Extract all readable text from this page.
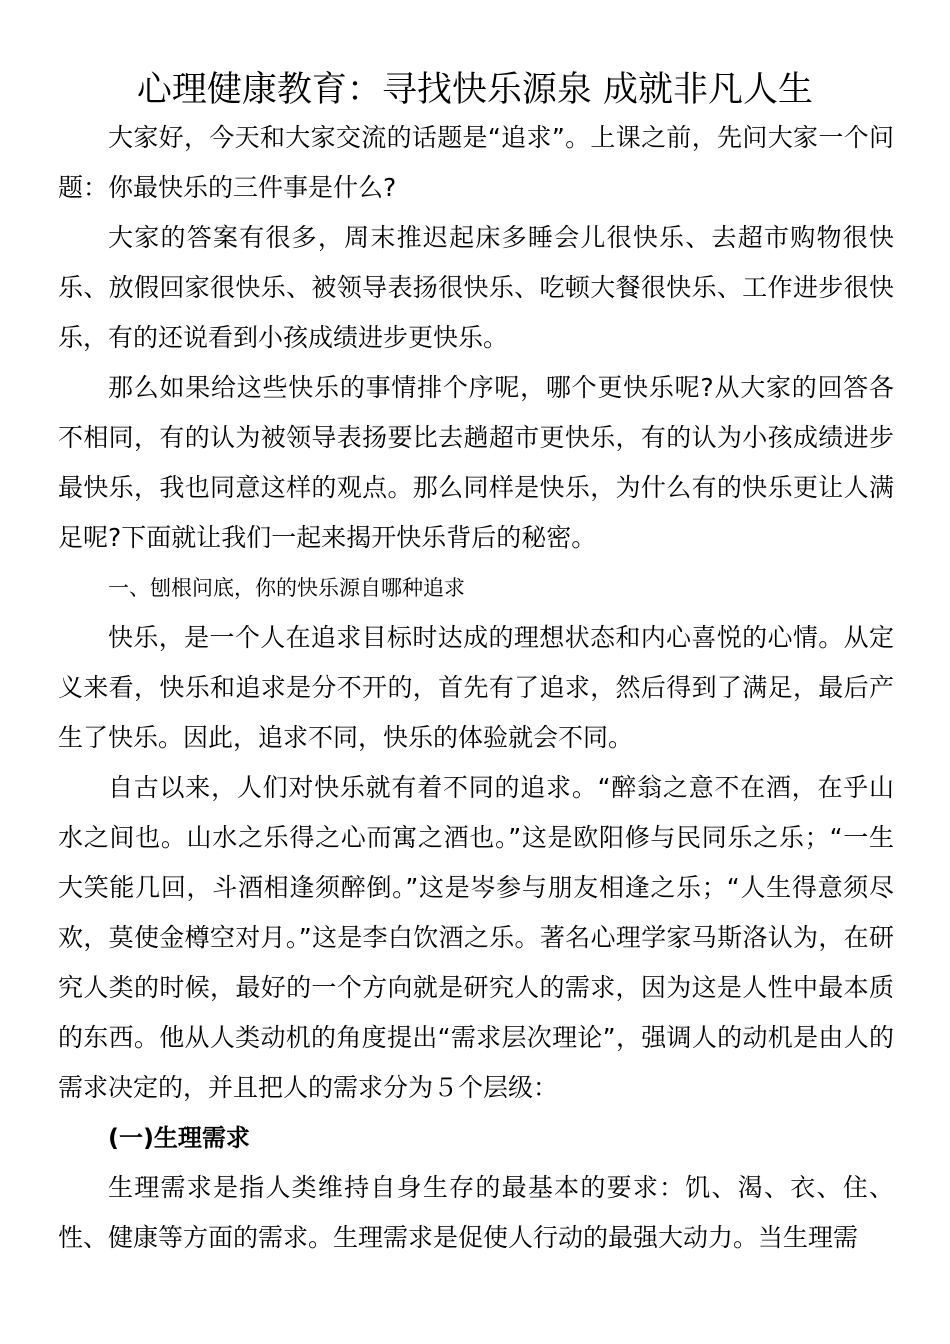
心理健康教育：寻找快乐源泉 成就非凡人生

大家好，今天和大家交流的话题是“追求”。上课之前，先问大家一个问题：你最快乐的三件事是什么?

大家的答案有很多，周末推迟起床多睡会儿很快乐、去超市购物很快乐、放假回家很快乐、被领导表扬很快乐、吃顿大餐很快乐、工作进步很快乐，有的还说看到小孩成绩进步更快乐。

那么如果给这些快乐的事情排个序呢，哪个更快乐呢?从大家的回答各不相同，有的认为被领导表扬要比去趟超市更快乐，有的认为小孩成绩进步最快乐，我也同意这样的观点。那么同样是快乐，为什么有的快乐更让人满足呢?下面就让我们一起来揭开快乐背后的秘密。

一、刨根问底，你的快乐源自哪种追求

快乐，是一个人在追求目标时达成的理想状态和内心喜悦的心情。从定义来看，快乐和追求是分不开的，首先有了追求，然后得到了满足，最后产生了快乐。因此，追求不同，快乐的体验就会不同。

自古以来，人们对快乐就有着不同的追求。“醉翁之意不在酒，在乎山水之间也。山水之乐得之心而寓之酒也。”这是欧阳修与民同乐之乐；“一生大笑能几回，斗酒相逢须醉倒。”这是岑参与朋友相逢之乐；“人生得意须尽欢，莫使金樽空对月。”这是李白饮酒之乐。著名心理学家马斯洛认为，在研究人类的时候，最好的一个方向就是研究人的需求，因为这是人性中最本质的东西。他从人类动机的角度提出“需求层次理论”，强调人的动机是由人的需求决定的，并且把人的需求分为５个层级：

(一)生理需求

生理需求是指人类维持自身生存的最基本的要求：饥、渴、衣、住、性、健康等方面的需求。生理需求是促使人行动的最强大动力。当生理需
